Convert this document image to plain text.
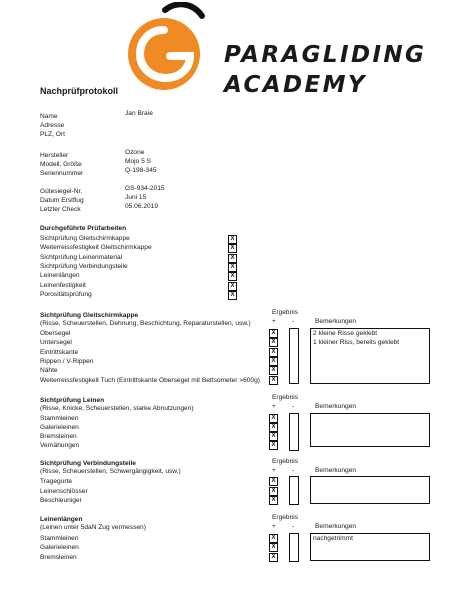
PARAGLIDING
ACADEMY
Nachprüfprotokoll
Name	Jan Braie
Adresse
PLZ, Ort
Hersteller	Ozone
Modell, Größe	Mojo 5 S
Seriennummer	Q-198-345
Gütesiegel-Nr.	GS-934-2015
Datum Erstflug	Juni 15
Letzter Check	05.06.2019
Durchgeführte Prüfarbeiten
Sichtprüfung Gleitschirmkappe	X
Weiterreissfestigkeit Gleitschirmkappe	X
Sichtprüfung Leinenmaterial	X
Sichtprüfung Verbindungsteile	X
Leinenlängen	X
Leinenfestigkeit	X
Porositätsprüfung	X
Sichtprüfung Gleitschirmkappe
(Risse, Scheuerstellen, Dehnung, Beschichtung, Reparaturstellen, usw.)
Ergebnis
+ -	Bemerkungen
Obersegel	X
Untersegel	X
Eintrittskante	X
Rippen / V-Rippen	X
Nähte	X
Weiterreissfestigkeit Tuch (Eintrittskante Obersegel mit Bettsometer >600g)	X
2 kleine Risse geklebt
1 kleiner Riss, bereits geklebt
Sichtprüfung Leinen
(Risse, Knicke, Scheuerstellen, starke Abnutzungen)
Ergebnis
+ -	Bemerkungen
Stammleinen	X
Galerieleinen	X
Bremsleinen	X
Vernähungen	X
Sichtprüfung Verbindungsteile
(Risse, Scheuerstellen, Schwergängigkeit, usw.)
Ergebnis
+ -	Bemerkungen
Tragegurte	X
Leinenschlösser	X
Beschleuniger	X
Leinenlängen
(Leinen unter 5daN Zug vermessen)
Ergebnis
+ -	Bemerkungen
Stammleinen	X
Galerieleinen	X
Bremsleinen	X
nachgetrimmt
